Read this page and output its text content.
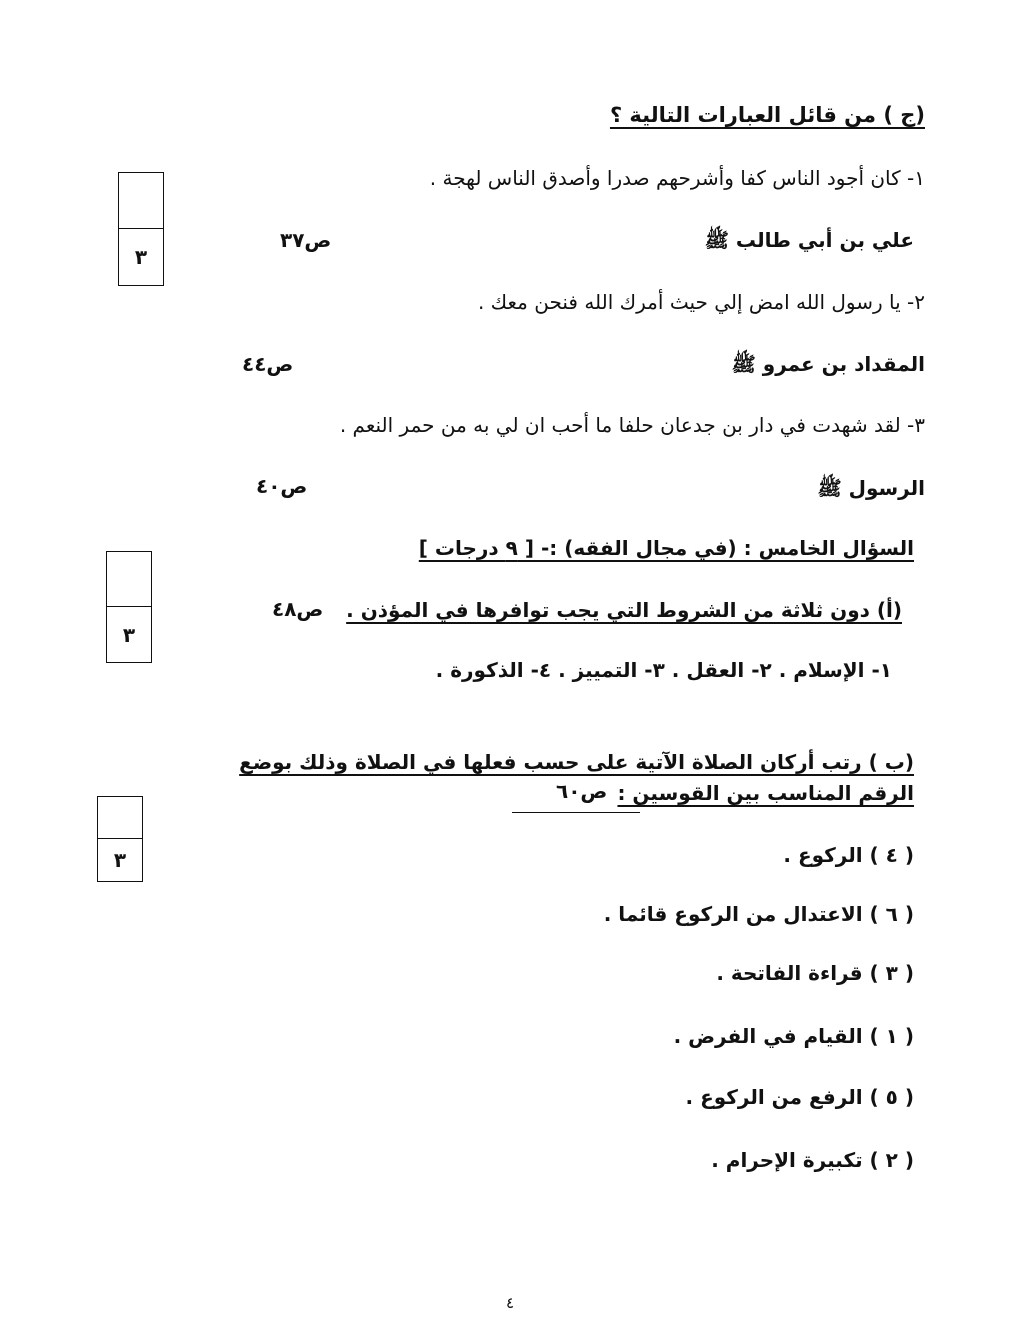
(ج ) من قائل العبارات التالية ؟
١- كان أجود الناس كفا وأشرحهم صدرا وأصدق الناس لهجة .
علي بن أبي طالب ﷺ
ص٣٧
٢- يا رسول الله امض إلي حيث أمرك الله فنحن معك .
المقداد بن عمرو ﷺ
ص٤٤
٣- لقد شهدت في دار بن جدعان حلفا ما أحب ان لي به من حمر النعم .
الرسول ﷺ
ص٤٠
٣
السؤال الخامس : (في مجال الفقه) :- [ ٩ درجات ]
(أ) دون ثلاثة من الشروط التي يجب توافرها في المؤذن .
ص٤٨
١- الإسلام . ٢- العقل . ٣- التمييز . ٤- الذكورة .
٣
(ب ) رتب أركان الصلاة الآتية على حسب فعلها في الصلاة وذلك بوضع
الرقم المناسب بين القوسين :
ص٦٠
٣	( ٤ ) الركوع .
( ٦ ) الاعتدال من الركوع قائما .
( ٣ ) قراءة الفاتحة .
( ١ ) القيام في الفرض .
( ٥ ) الرفع من الركوع .
( ٢ ) تكبيرة الإحرام .
٤
